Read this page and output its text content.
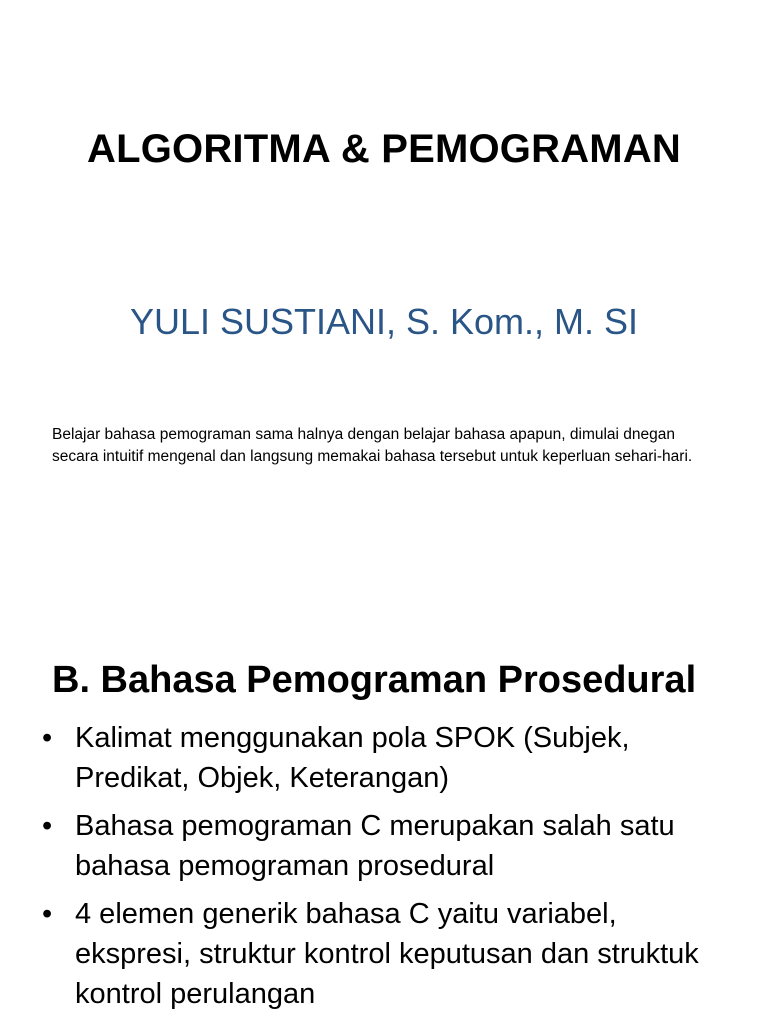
ALGORITMA & PEMOGRAMAN
YULI SUSTIANI, S. Kom., M. SI

Belajar bahasa pemograman sama halnya dengan belajar bahasa apapun, dimulai dnegan secara intuitif mengenal dan langsung memakai bahasa tersebut untuk keperluan sehari-hari.

B. Bahasa Pemograman Prosedural
• Kalimat menggunakan pola SPOK (Subjek, Predikat, Objek, Keterangan)
• Bahasa pemograman C merupakan salah satu bahasa pemograman prosedural
• 4 elemen generik bahasa C yaitu variabel, ekspresi, struktur kontrol keputusan dan struktuk kontrol perulangan
